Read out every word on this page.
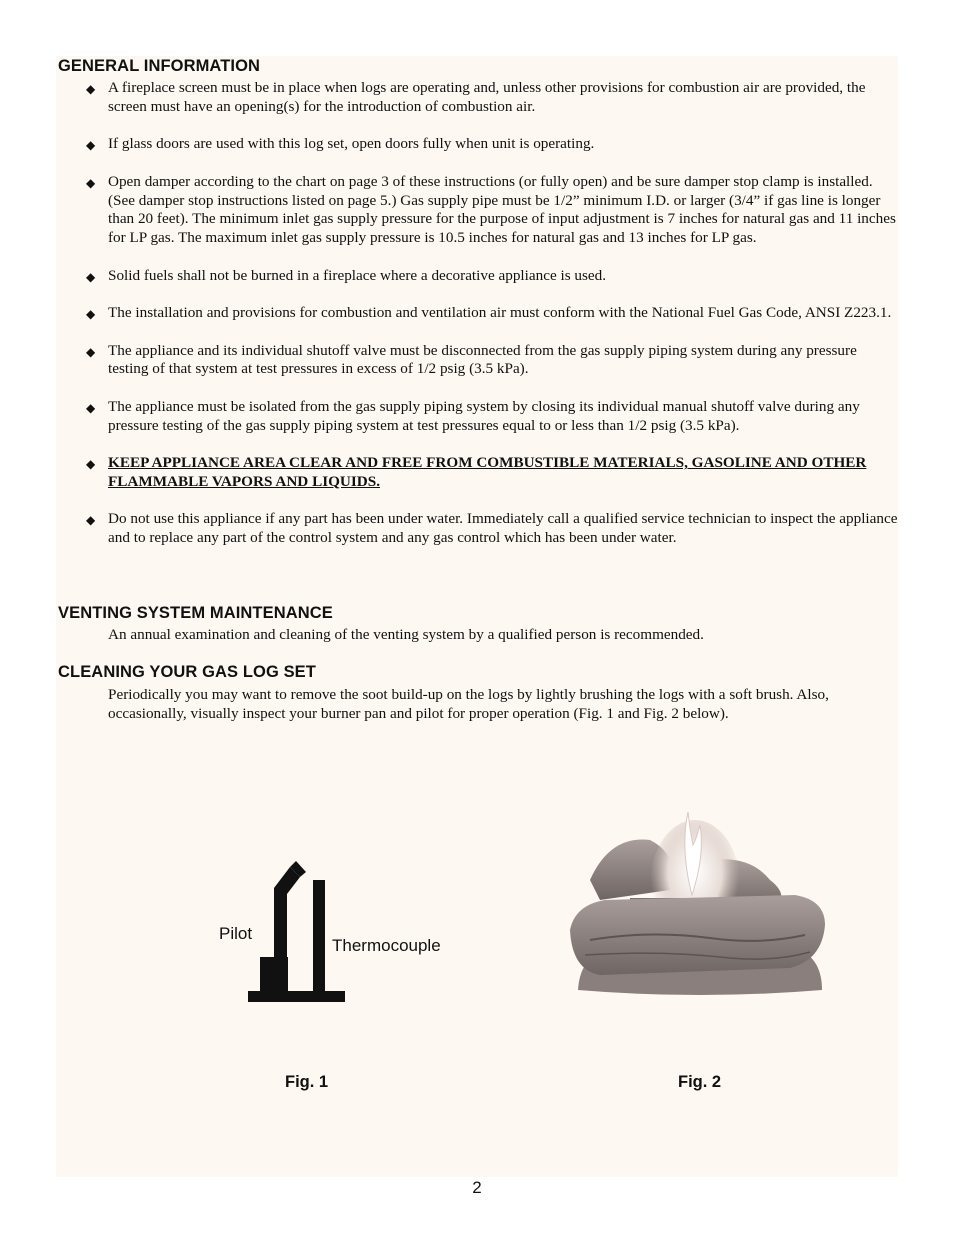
GENERAL INFORMATION
◆ A fireplace screen must be in place when logs are operating and, unless other provisions for combustion air are provided, the screen must have an opening(s) for the introduction of combustion air.
◆ If glass doors are used with this log set, open doors fully when unit is operating.
◆ Open damper according to the chart on page 3 of these instructions (or fully open) and be sure damper stop clamp is installed. (See damper stop instructions listed on page 5.) Gas supply pipe must be 1/2” minimum I.D. or larger (3/4” if gas line is longer than 20 feet). The minimum inlet gas supply pressure for the purpose of input adjustment is 7 inches for natural gas and 11 inches for LP gas. The maximum inlet gas supply pressure is 10.5 inches for natural gas and 13 inches for LP gas.
◆ Solid fuels shall not be burned in a fireplace where a decorative appliance is used.
◆ The installation and provisions for combustion and ventilation air must conform with the National Fuel Gas Code, ANSI Z223.1.
◆ The appliance and its individual shutoff valve must be disconnected from the gas supply piping system during any pressure testing of that system at test pressures in excess of 1/2 psig (3.5 kPa).
◆ The appliance must be isolated from the gas supply piping system by closing its individual manual shutoff valve during any pressure testing of the gas supply piping system at test pressures equal to or less than 1/2 psig (3.5 kPa).
◆ KEEP APPLIANCE AREA CLEAR AND FREE FROM COMBUSTIBLE MATERIALS, GASOLINE AND OTHER FLAMMABLE VAPORS AND LIQUIDS.
◆ Do not use this appliance if any part has been under water. Immediately call a qualified service technician to inspect the appliance and to replace any part of the control system and any gas control which has been under water.
VENTING SYSTEM MAINTENANCE
An annual examination and cleaning of the venting system by a qualified person is recommended.
CLEANING YOUR GAS LOG SET
Periodically you may want to remove the soot build-up on the logs by lightly brushing the logs with a soft brush. Also, occasionally, visually inspect your burner pan and pilot for proper operation (Fig. 1 and Fig. 2 below).
Pilot
Thermocouple
Fig. 1	Fig. 2
2
